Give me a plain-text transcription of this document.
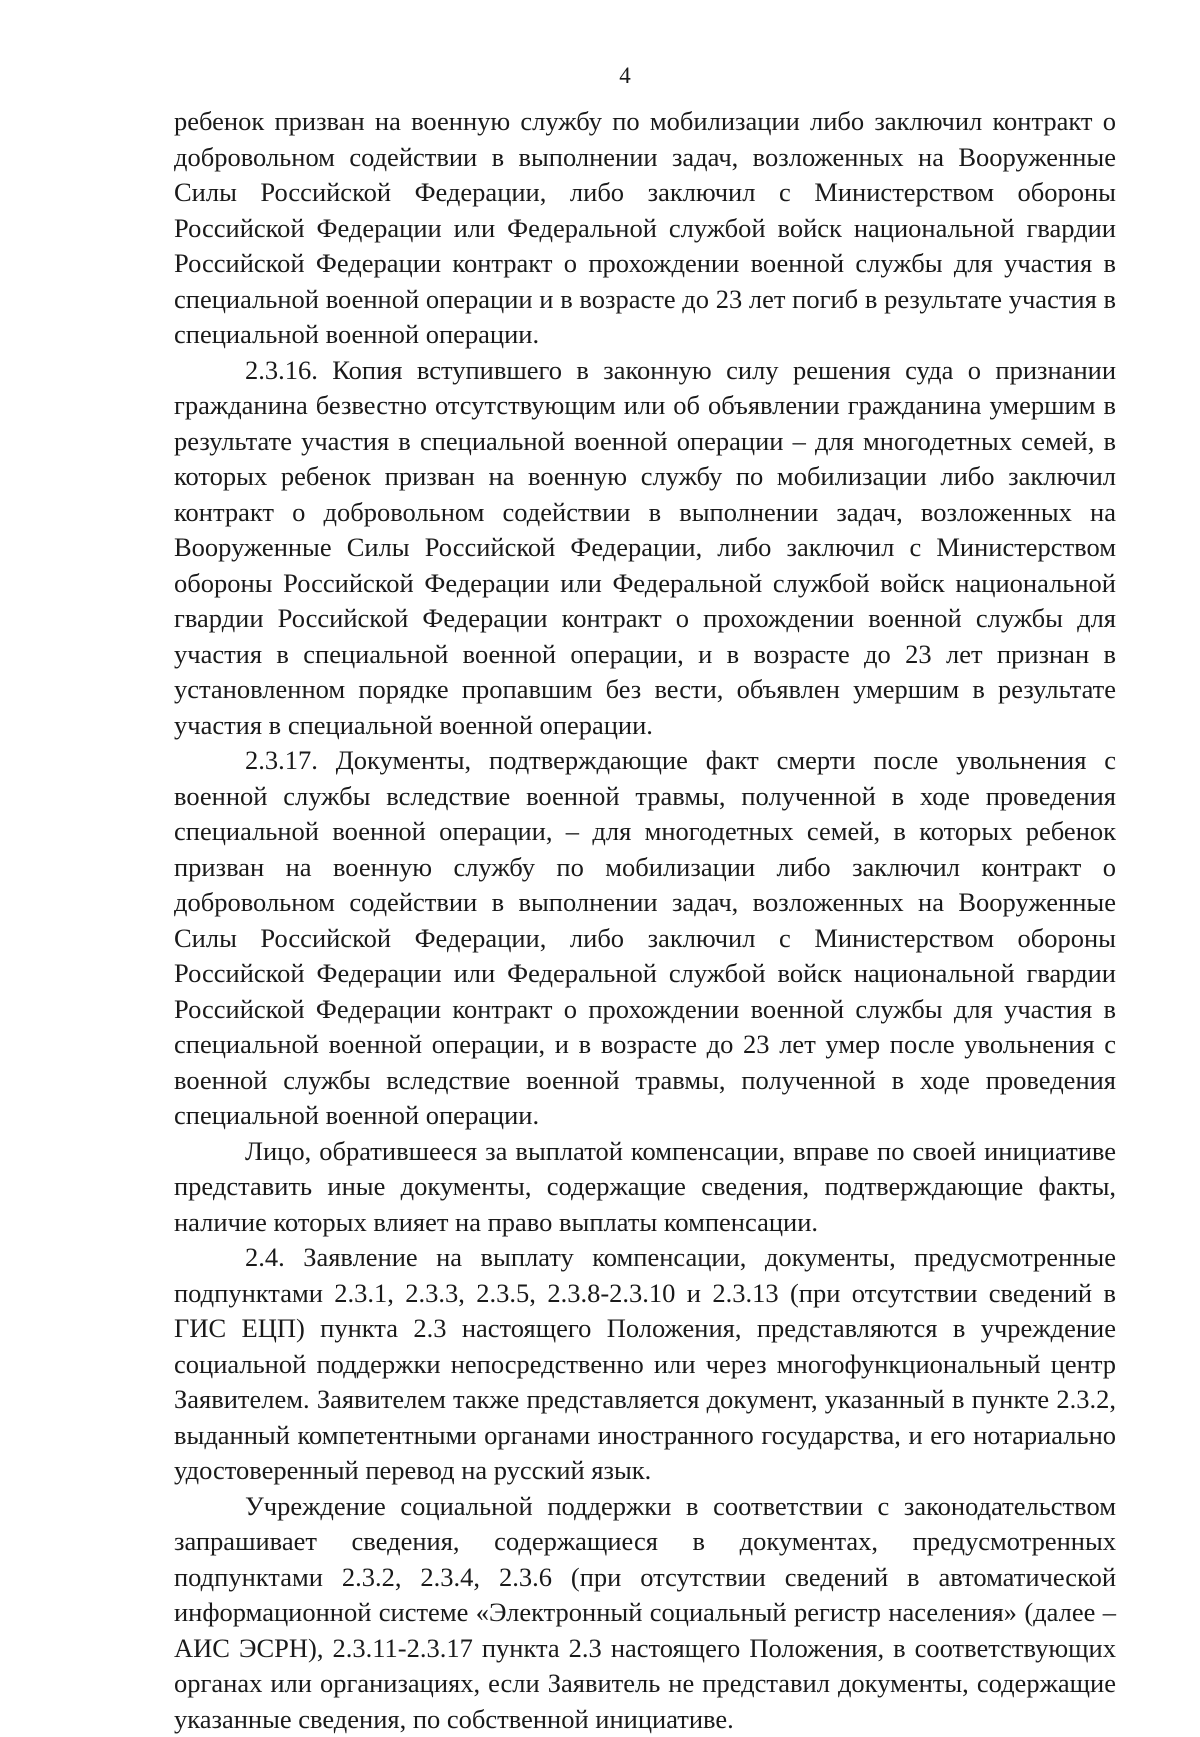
4

ребенок призван на военную службу по мобилизации либо заключил контракт о добровольном содействии в выполнении задач, возложенных на Вооруженные Силы Российской Федерации, либо заключил с Министерством обороны Российской Федерации или Федеральной службой войск национальной гвардии Российской Федерации контракт о прохождении военной службы для участия в специальной военной операции и в возрасте до 23 лет погиб в результате участия в специальной военной операции.

2.3.16. Копия вступившего в законную силу решения суда о признании гражданина безвестно отсутствующим или об объявлении гражданина умершим в результате участия в специальной военной операции – для многодетных семей, в которых ребенок призван на военную службу по мобилизации либо заключил контракт о добровольном содействии в выполнении задач, возложенных на Вооруженные Силы Российской Федерации, либо заключил с Министерством обороны Российской Федерации или Федеральной службой войск национальной гвардии Российской Федерации контракт о прохождении военной службы для участия в специальной военной операции, и в возрасте до 23 лет признан в установленном порядке пропавшим без вести, объявлен умершим в результате участия в специальной военной операции.

2.3.17. Документы, подтверждающие факт смерти после увольнения с военной службы вследствие военной травмы, полученной в ходе проведения специальной военной операции, – для многодетных семей, в которых ребенок призван на военную службу по мобилизации либо заключил контракт о добровольном содействии в выполнении задач, возложенных на Вооруженные Силы Российской Федерации, либо заключил с Министерством обороны Российской Федерации или Федеральной службой войск национальной гвардии Российской Федерации контракт о прохождении военной службы для участия в специальной военной операции, и в возрасте до 23 лет умер после увольнения с военной службы вследствие военной травмы, полученной в ходе проведения специальной военной операции.

Лицо, обратившееся за выплатой компенсации, вправе по своей инициативе представить иные документы, содержащие сведения, подтверждающие факты, наличие которых влияет на право выплаты компенсации.

2.4. Заявление на выплату компенсации, документы, предусмотренные подпунктами 2.3.1, 2.3.3, 2.3.5, 2.3.8-2.3.10 и 2.3.13 (при отсутствии сведений в ГИС ЕЦП) пункта 2.3 настоящего Положения, представляются в учреждение социальной поддержки непосредственно или через многофункциональный центр Заявителем. Заявителем также представляется документ, указанный в пункте 2.3.2, выданный компетентными органами иностранного государства, и его нотариально удостоверенный перевод на русский язык.

Учреждение социальной поддержки в соответствии с законодательством запрашивает сведения, содержащиеся в документах, предусмотренных подпунктами 2.3.2, 2.3.4, 2.3.6 (при отсутствии сведений в автоматической информационной системе «Электронный социальный регистр населения» (далее – АИС ЭСРН), 2.3.11-2.3.17 пункта 2.3 настоящего Положения, в соответствующих органах или организациях, если Заявитель не представил документы, содержащие указанные сведения, по собственной инициативе.
